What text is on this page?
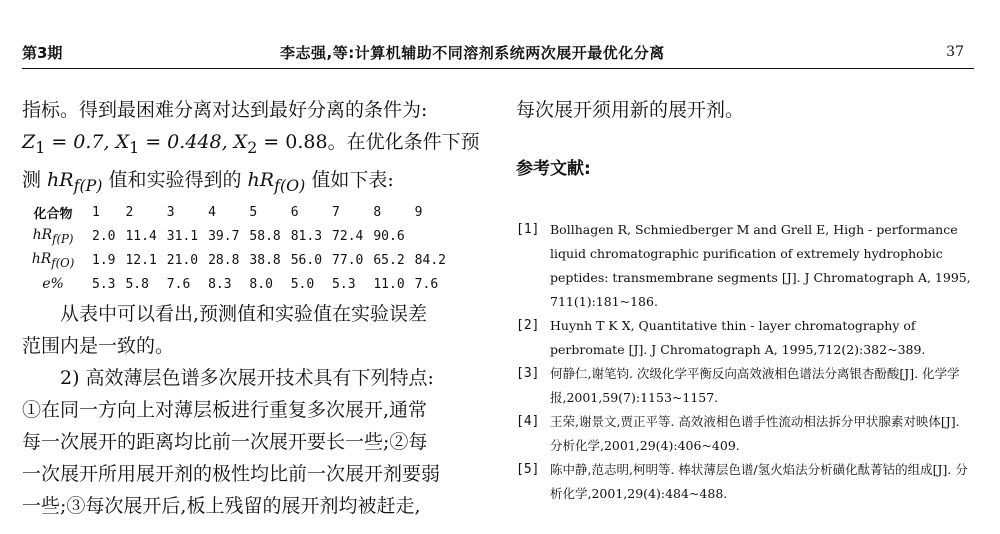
第3期	李志强,等:计算机辅助不同溶剂系统两次展开最优化分离	37

指标。得到最困难分离对达到最好分离的条件为:

$Z_1 = 0.7$, $X_1 = 0.448$, $X_2 = 0.88$。在优化条件下预

测 $hR_{f(P)}$ 值和实验得到的 $hR_{f(O)}$ 值如下表:

化合物	1	2	3	4	5	6	7	8	9
$hR_{f(P)}$	2.0	11.4	31.1	39.7	58.8	81.3	72.4	90.6	
$hR_{f(O)}$	1.9	12.1	21.0	28.8	38.8	56.0	77.0	65.2	84.2
e%	5.3	5.8	7.6	8.3	8.0	5.0	5.3	11.0	7.6

从表中可以看出,预测值和实验值在实验误差

范围内是一致的。

2) 高效薄层色谱多次展开技术具有下列特点:

①在同一方向上对薄层板进行重复多次展开,通常

每一次展开的距离均比前一次展开要长一些;②每

一次展开所用展开剂的极性均比前一次展开剂要弱

一些;③每次展开后,板上残留的展开剂均被赶走,

每次展开须用新的展开剂。

参考文献:
[1] Bollhagen R, Schmiedberger M and Grell E, High - performance liquid chromatographic purification of extremely hydrophobic peptides: transmembrane segments [J]. J Chromatograph A, 1995, 711(1):181~186.
[2] Huynh T K X, Quantitative thin - layer chromatography of perbromate [J]. J Chromatograph A, 1995,712(2):382~389.
[3] 何静仁,谢笔钧. 次级化学平衡反向高效液相色谱法分离银杏酚酸[J]. 化学学报,2001,59(7):1153~1157.
[4] 王荣,谢景文,贾正平等. 高效液相色谱手性流动相法拆分甲状腺素对映体[J]. 分析化学,2001,29(4):406~409.
[5] 陈中静,范志明,柯明等. 棒状薄层色谱/氢火焰法分析磺化酞菁钴的组成[J]. 分析化学,2001,29(4):484~488.
